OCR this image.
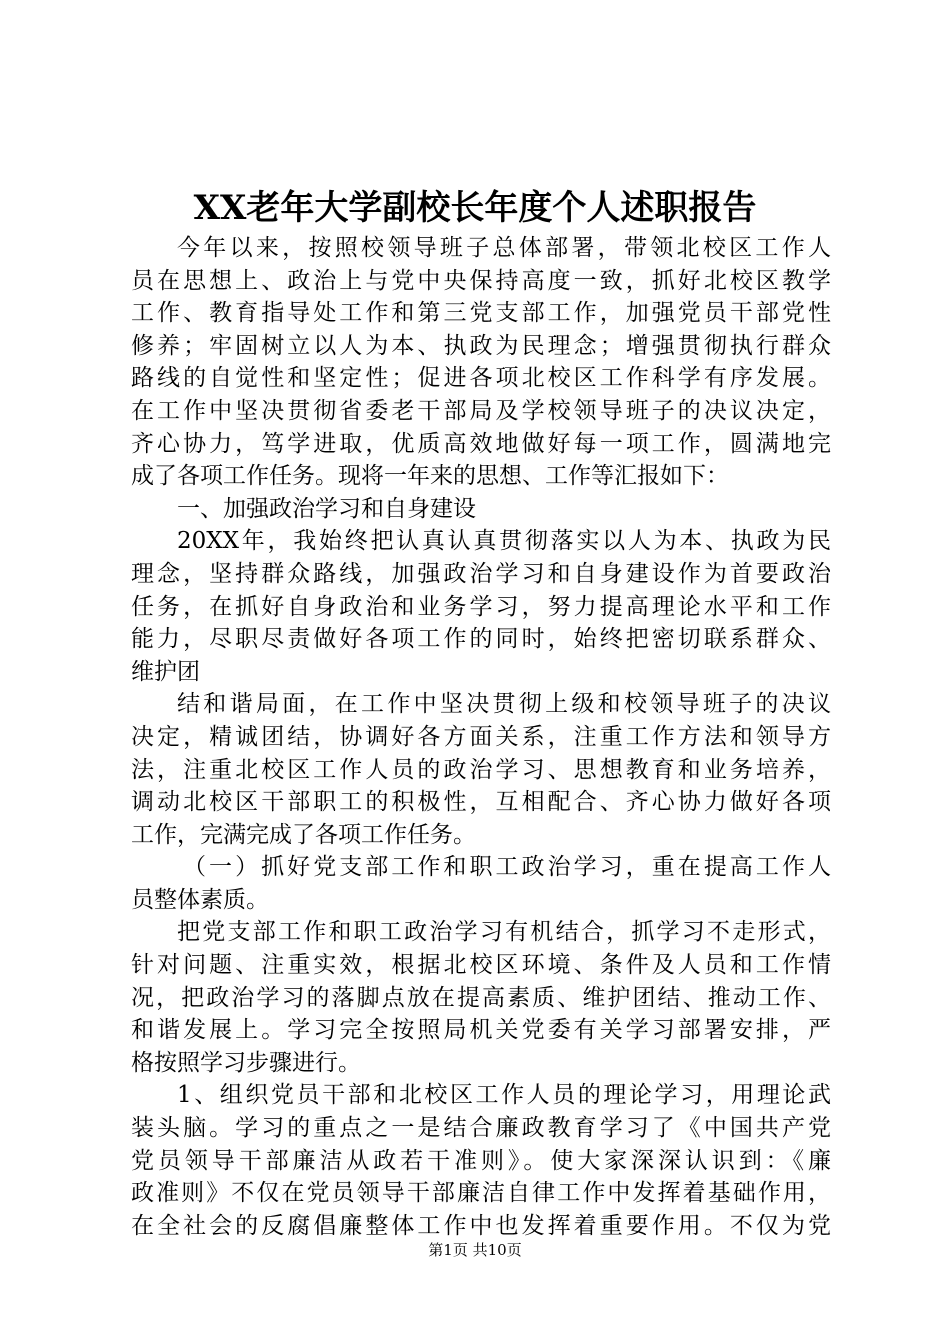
XX老年大学副校长年度个人述职报告
今年以来，按照校领导班子总体部署，带领北校区工作人
员在思想上、政治上与党中央保持高度一致，抓好北校区教学
工作、教育指导处工作和第三党支部工作，加强党员干部党性
修养；牢固树立以人为本、执政为民理念；增强贯彻执行群众
路线的自觉性和坚定性；促进各项北校区工作科学有序发展。
在工作中坚决贯彻省委老干部局及学校领导班子的决议决定，
齐心协力，笃学进取，优质高效地做好每一项工作，圆满地完
成了各项工作任务。现将一年来的思想、工作等汇报如下：
一、加强政治学习和自身建设
20XX年，我始终把认真认真贯彻落实以人为本、执政为民
理念，坚持群众路线，加强政治学习和自身建设作为首要政治
任务，在抓好自身政治和业务学习，努力提高理论水平和工作
能力，尽职尽责做好各项工作的同时，始终把密切联系群众、
维护团
结和谐局面，在工作中坚决贯彻上级和校领导班子的决议
决定，精诚团结，协调好各方面关系，注重工作方法和领导方
法，注重北校区工作人员的政治学习、思想教育和业务培养，
调动北校区干部职工的积极性，互相配合、齐心协力做好各项
工作，完满完成了各项工作任务。
（一）抓好党支部工作和职工政治学习，重在提高工作人
员整体素质。
把党支部工作和职工政治学习有机结合，抓学习不走形式，
针对问题、注重实效，根据北校区环境、条件及人员和工作情
况，把政治学习的落脚点放在提高素质、维护团结、推动工作、
和谐发展上。学习完全按照局机关党委有关学习部署安排，严
格按照学习步骤进行。
1、组织党员干部和北校区工作人员的理论学习，用理论武
装头脑。学习的重点之一是结合廉政教育学习了《中国共产党
党员领导干部廉洁从政若干准则》。使大家深深认识到：《廉
政准则》不仅在党员领导干部廉洁自律工作中发挥着基础作用，
在全社会的反腐倡廉整体工作中也发挥着重要作用。不仅为党
第1页 共10页
